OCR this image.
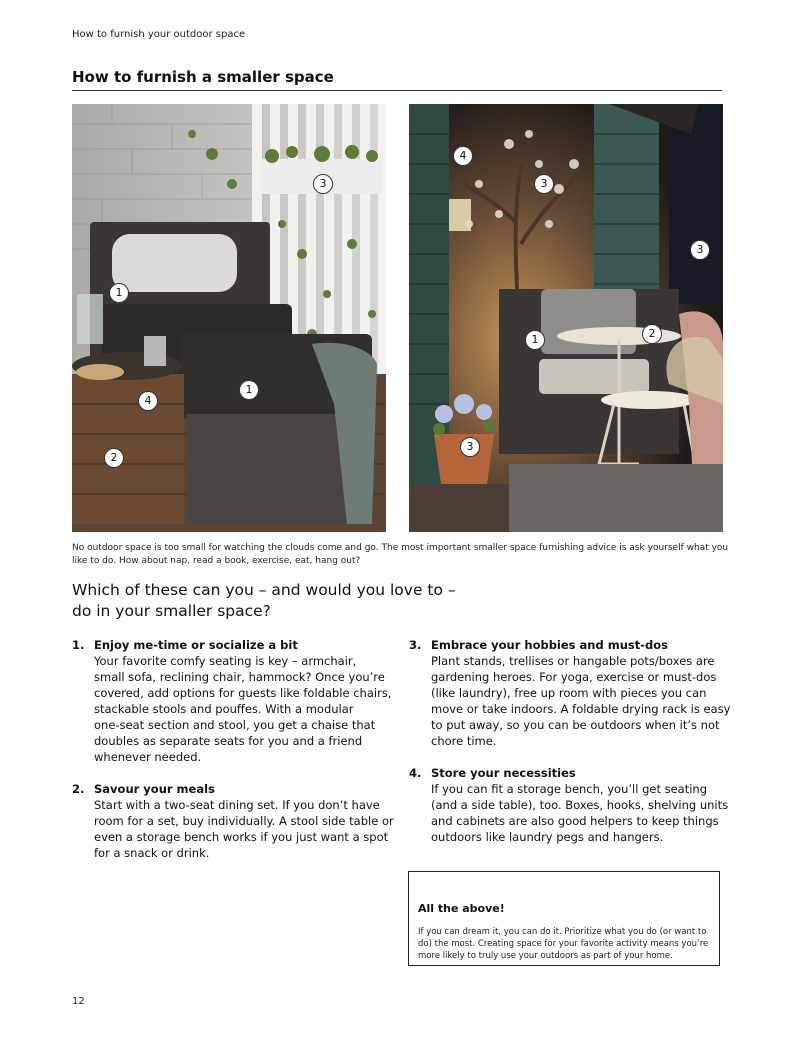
How to furnish your outdoor space
How to furnish a smaller space
3
1
1
4
2
4
3
3
1	2
3
No outdoor space is too small for watching the clouds come and go. The most important smaller space furnishing advice is ask yourself what you
like to do. How about nap, read a book, exercise, eat, hang out?
Which of these can you – and would you love to –
do in your smaller space?
1. Enjoy me-time or socialize a bit
Your favorite comfy seating is key – armchair,
small sofa, reclining chair, hammock? Once you’re
covered, add options for guests like foldable chairs,
stackable stools and pouffes. With a modular
one-seat section and stool, you get a chaise that
doubles as separate seats for you and a friend
whenever needed.
2. Savour your meals
Start with a two-seat dining set. If you don’t have
room for a set, buy individually. A stool side table or
even a storage bench works if you just want a spot
for a snack or drink.
3. Embrace your hobbies and must-dos
Plant stands, trellises or hangable pots/boxes are
gardening heroes. For yoga, exercise or must-dos
(like laundry), free up room with pieces you can
move or take indoors. A foldable drying rack is easy
to put away, so you can be outdoors when it’s not
chore time.
4. Store your necessities
If you can fit a storage bench, you’ll get seating
(and a side table), too. Boxes, hooks, shelving units
and cabinets are also good helpers to keep things
outdoors like laundry pegs and hangers.
All the above!
If you can dream it, you can do it. Prioritize what you do (or want to
do) the most. Creating space for your favorite activity means you’re
more likely to truly use your outdoors as part of your home.
12
